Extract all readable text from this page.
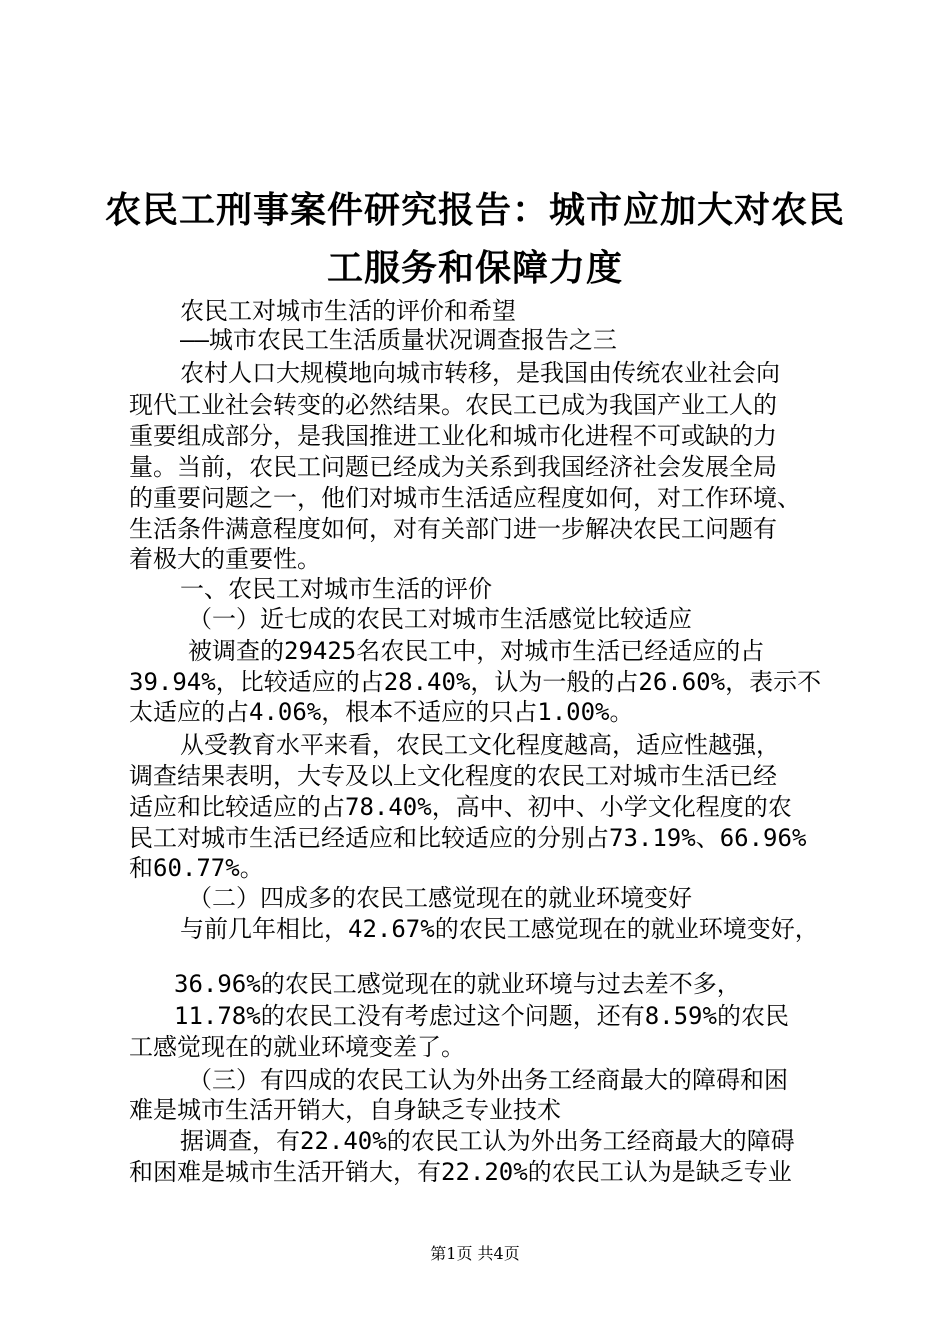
农民工刑事案件研究报告：城市应加大对农民
工服务和保障力度
农民工对城市生活的评价和希望
——城市农民工生活质量状况调查报告之三
农村人口大规模地向城市转移，是我国由传统农业社会向
现代工业社会转变的必然结果。农民工已成为我国产业工人的
重要组成部分，是我国推进工业化和城市化进程不可或缺的力
量。当前，农民工问题已经成为关系到我国经济社会发展全局
的重要问题之一，他们对城市生活适应程度如何，对工作环境、
生活条件满意程度如何，对有关部门进一步解决农民工问题有
着极大的重要性。
一、农民工对城市生活的评价
（一）近七成的农民工对城市生活感觉比较适应
被调查的29425名农民工中，对城市生活已经适应的占
39.94%，比较适应的占28.40%，认为一般的占26.60%，表示不
太适应的占4.06%，根本不适应的只占1.00%。
从受教育水平来看，农民工文化程度越高，适应性越强，
调查结果表明，大专及以上文化程度的农民工对城市生活已经
适应和比较适应的占78.40%，高中、初中、小学文化程度的农
民工对城市生活已经适应和比较适应的分别占73.19%、66.96%
和60.77%。
（二）四成多的农民工感觉现在的就业环境变好
与前几年相比，42.67%的农民工感觉现在的就业环境变好，
36.96%的农民工感觉现在的就业环境与过去差不多，
11.78%的农民工没有考虑过这个问题，还有8.59%的农民
工感觉现在的就业环境变差了。
（三）有四成的农民工认为外出务工经商最大的障碍和困
难是城市生活开销大，自身缺乏专业技术
据调查，有22.40%的农民工认为外出务工经商最大的障碍
和困难是城市生活开销大，有22.20%的农民工认为是缺乏专业
第1页 共4页
